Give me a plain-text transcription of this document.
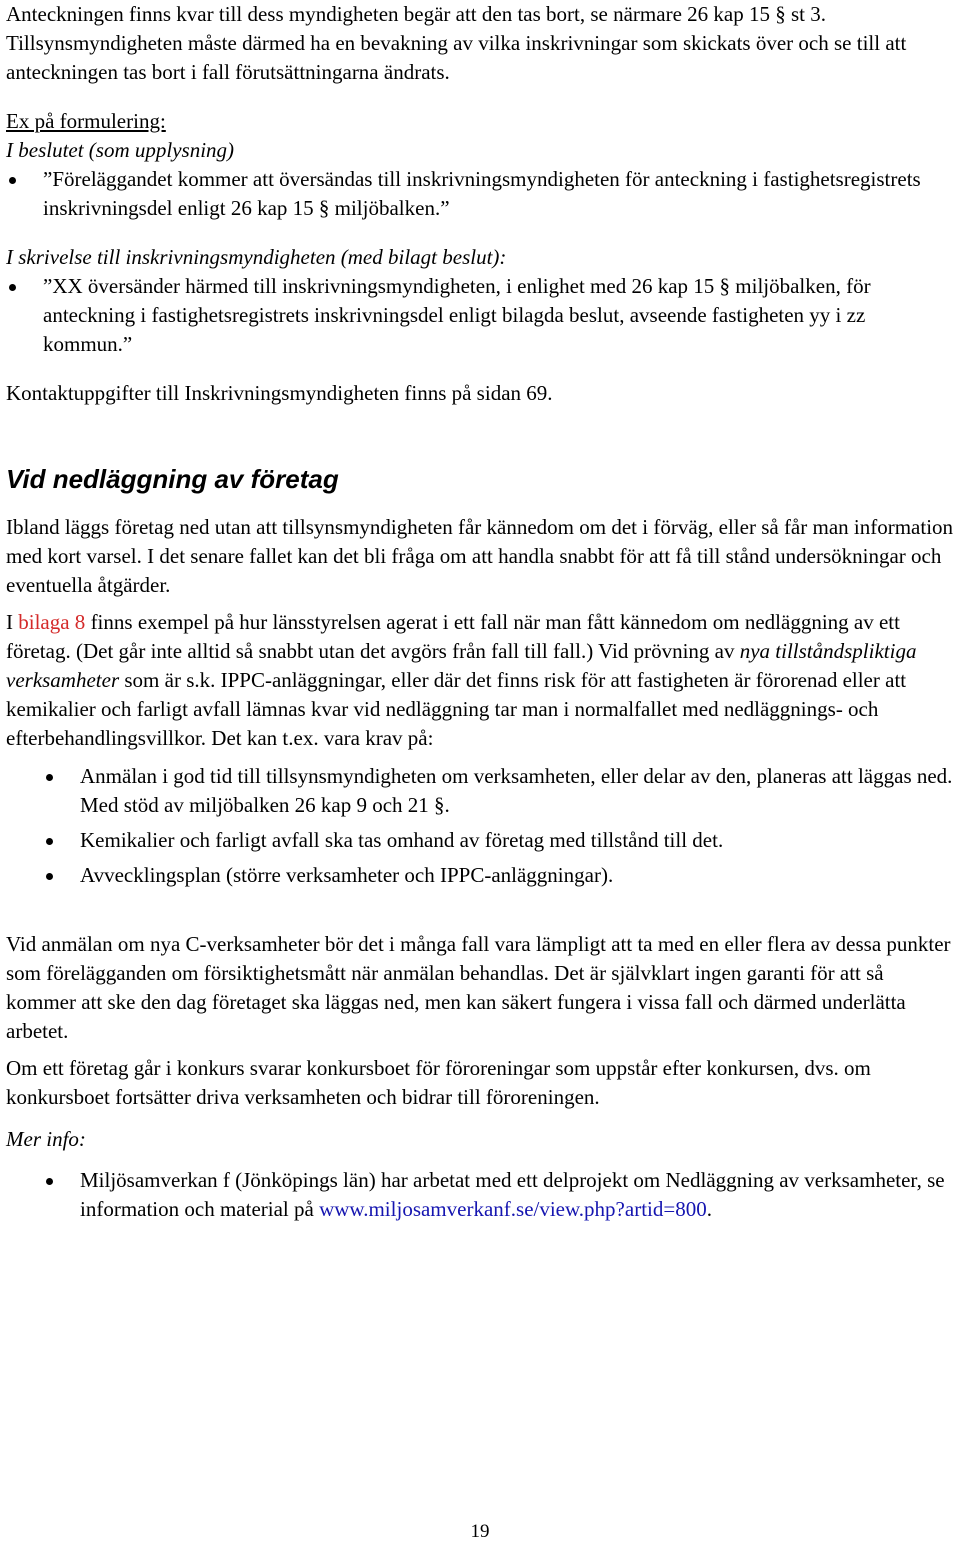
Anteckningen finns kvar till dess myndigheten begär att den tas bort, se närmare 26 kap 15 § st 3. Tillsynsmyndigheten måste därmed ha en bevakning av vilka inskrivningar som skickats över och se till att anteckningen tas bort i fall förutsättningarna ändrats.

Ex på formulering:

I beslutet (som upplysning)

”Föreläggandet kommer att översändas till inskrivningsmyndigheten för anteckning i fastighetsregistrets inskrivningsdel enligt 26 kap 15 § miljöbalken.”

I skrivelse till inskrivningsmyndigheten (med bilagt beslut):

”XX översänder härmed till inskrivningsmyndigheten, i enlighet med 26 kap 15 § miljöbalken, för anteckning i fastighetsregistrets inskrivningsdel enligt bilagda beslut, avseende fastigheten yy i zz kommun.”

Kontaktuppgifter till Inskrivningsmyndigheten finns på sidan 69.

Vid nedläggning av företag

Ibland läggs företag ned utan att tillsynsmyndigheten får kännedom om det i förväg, eller så får man information med kort varsel. I det senare fallet kan det bli fråga om att handla snabbt för att få till stånd undersökningar och eventuella åtgärder.

I bilaga 8 finns exempel på hur länsstyrelsen agerat i ett fall när man fått kännedom om nedläggning av ett företag. (Det går inte alltid så snabbt utan det avgörs från fall till fall.) Vid prövning av nya tillståndspliktiga verksamheter som är s.k. IPPC-anläggningar, eller där det finns risk för att fastigheten är förorenad eller att kemikalier och farligt avfall lämnas kvar vid nedläggning tar man i normalfallet med nedläggnings- och efterbehandlingsvillkor. Det kan t.ex. vara krav på:

Anmälan i god tid till tillsynsmyndigheten om verksamheten, eller delar av den, planeras att läggas ned. Med stöd av miljöbalken 26 kap 9 och 21 §.
Kemikalier och farligt avfall ska tas omhand av företag med tillstånd till det.
Avvecklingsplan (större verksamheter och IPPC-anläggningar).

Vid anmälan om nya C-verksamheter bör det i många fall vara lämpligt att ta med en eller flera av dessa punkter som förelägganden om försiktighetsmått när anmälan behandlas. Det är självklart ingen garanti för att så kommer att ske den dag företaget ska läggas ned, men kan säkert fungera i vissa fall och därmed underlätta arbetet.

Om ett företag går i konkurs svarar konkursboet för föroreningar som uppstår efter konkursen, dvs. om konkursboet fortsätter driva verksamheten och bidrar till föroreningen.

Mer info:

Miljösamverkan f (Jönköpings län) har arbetat med ett delprojekt om Nedläggning av verksamheter, se information och material på www.miljosamverkanf.se/view.php?artid=800.
19
